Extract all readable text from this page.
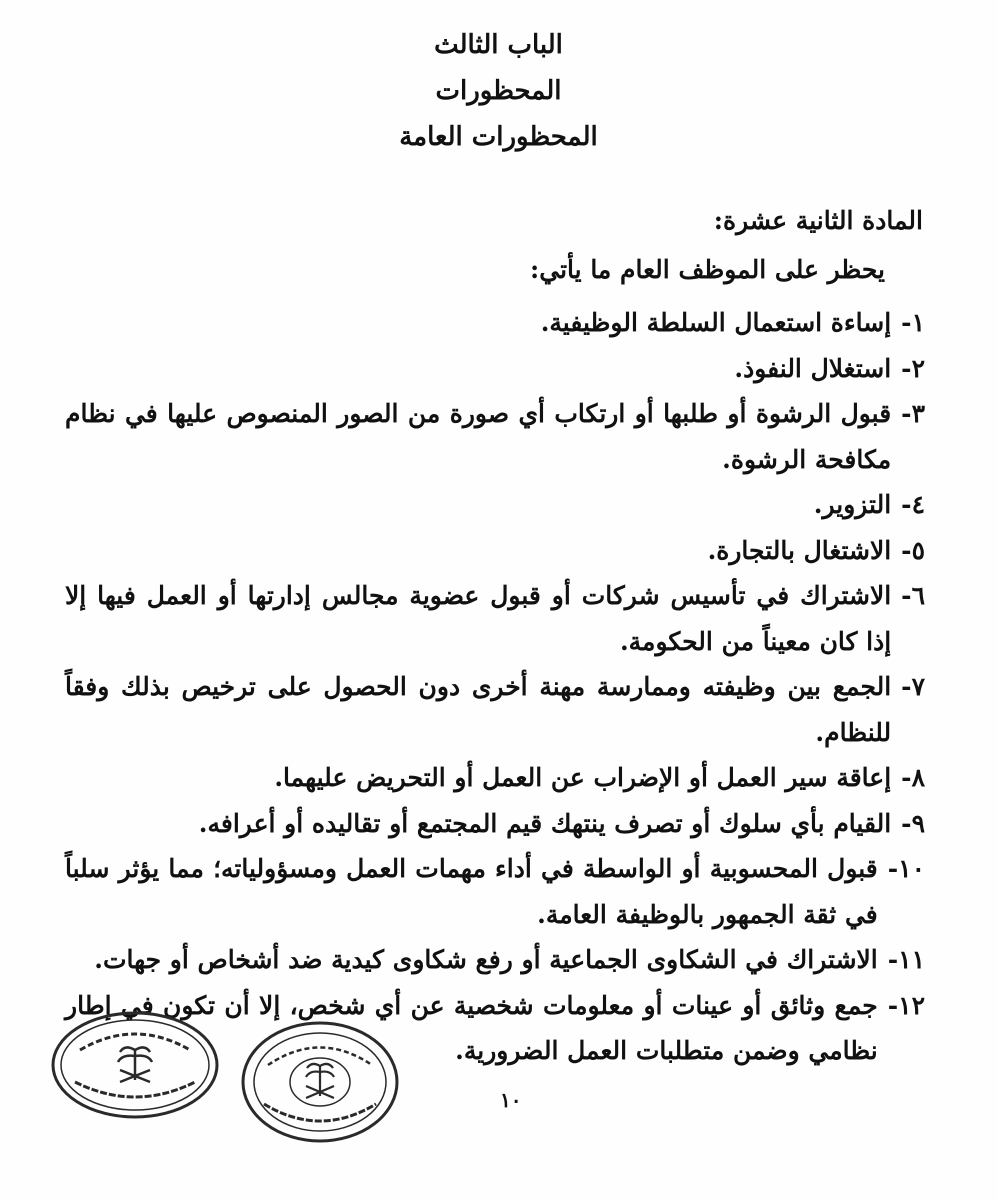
الباب الثالث

المحظورات

المحظورات العامة

المادة الثانية عشرة:

يحظر على الموظف العام ما يأتي:

١-
إساءة استعمال السلطة الوظيفية.
٢-
استغلال النفوذ.
٣-
قبول الرشوة أو طلبها أو ارتكاب أي صورة من الصور المنصوص عليها في نظام مكافحة الرشوة.
٤-
التزوير.
٥-
الاشتغال بالتجارة.
٦-
الاشتراك في تأسيس شركات أو قبول عضوية مجالس إدارتها أو العمل فيها إلا إذا كان معيناً من الحكومة.
٧-
الجمع بين وظيفته وممارسة مهنة أخرى دون الحصول على ترخيص بذلك وفقاً للنظام.
٨-
إعاقة سير العمل أو الإضراب عن العمل أو التحريض عليهما.
٩-
القيام بأي سلوك أو تصرف ينتهك قيم المجتمع أو تقاليده أو أعرافه.
١٠-
قبول المحسوبية أو الواسطة في أداء مهمات العمل ومسؤولياته؛ مما يؤثر سلباً في ثقة الجمهور بالوظيفة العامة.
١١-
الاشتراك في الشكاوى الجماعية أو رفع شكاوى كيدية ضد أشخاص أو جهات.
١٢-
جمع وثائق أو عينات أو معلومات شخصية عن أي شخص، إلا أن تكون في إطار نظامي وضمن متطلبات العمل الضرورية.
١٠
